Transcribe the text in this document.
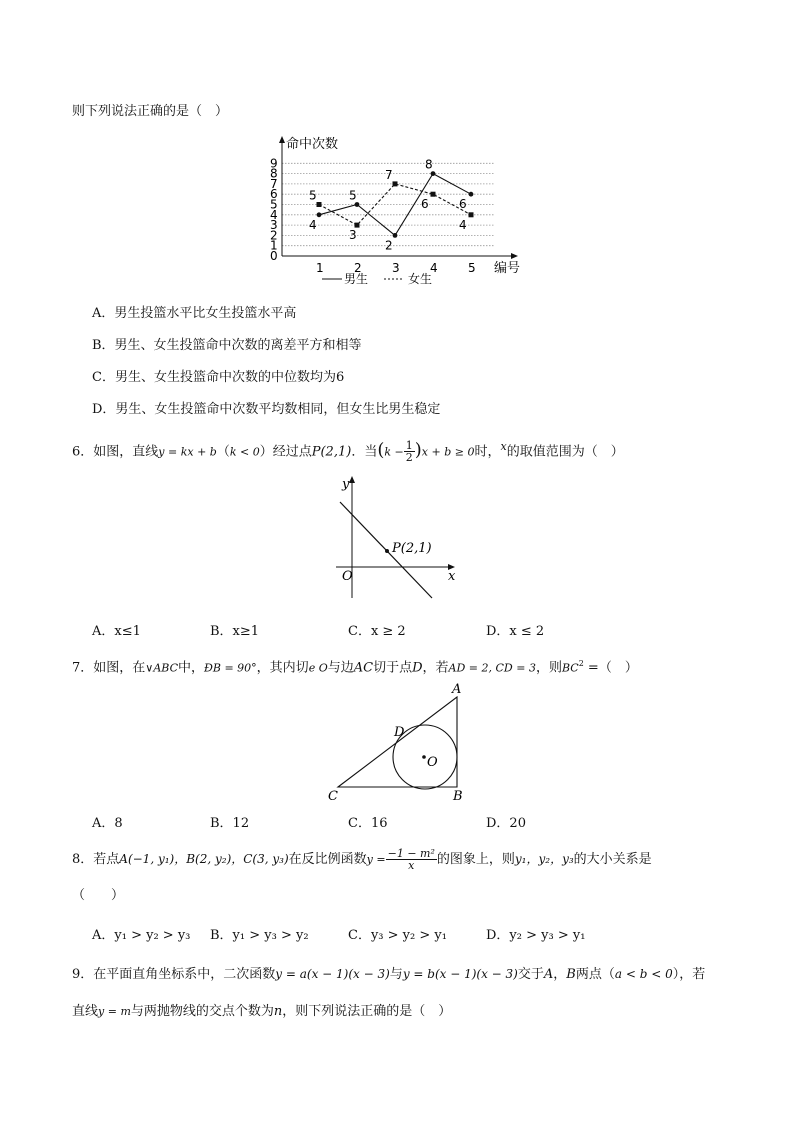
则下列说法正确的是（　）
0
1
2
3
4
5
6
7
8
9
1	2	3	4	5
命中次数
编号
4
5
2
8
6
5
3
7
6
4
男生	女生
A．男生投篮水平比女生投篮水平高
B．男生、女生投篮命中次数的离差平方和相等
C．男生、女生投篮命中次数的中位数均为6
D．男生、女生投篮命中次数平均数相同，但女生比男生稳定
6．如图，直线y = kx + b（k < 0）经过点P(2,1)．当$(k - \frac{1}{2} )x + b \ge 0$时，$^x$的取值范围为（　）
y
x
O
P(2,1)
A．x≤1	B．x≥1	C．x ≥ 2	D．x ≤ 2
7．如图，在∨ABC中，ÐB = 90°，其内切e O与边AC切于点D，若AD = 2, CD = 3，则$BC^2$ =（　）
A
B
C
D
O
A．8	B．12	C．16	D．20
8．若点A(−1, y₁)，B(2, y₂)，C(3, y₃)在反比例函数$y = \frac{\text{−1 − m²}}{x}$ 的图象上，则y₁，y₂，y₃的大小关系是
（　　）
A．y₁ > y₂ > y₃ B．y₁ > y₃ > y₂	C．y₃ > y₂ > y₁	D．y₂ > y₃ > y₁
9．在平面直角坐标系中，二次函数y = a(x − 1)(x − 3)与y = b(x − 1)(x − 3)交于A，B两点（a < b < 0），若
直线y = m与两抛物线的交点个数为n，则下列说法正确的是（　）
